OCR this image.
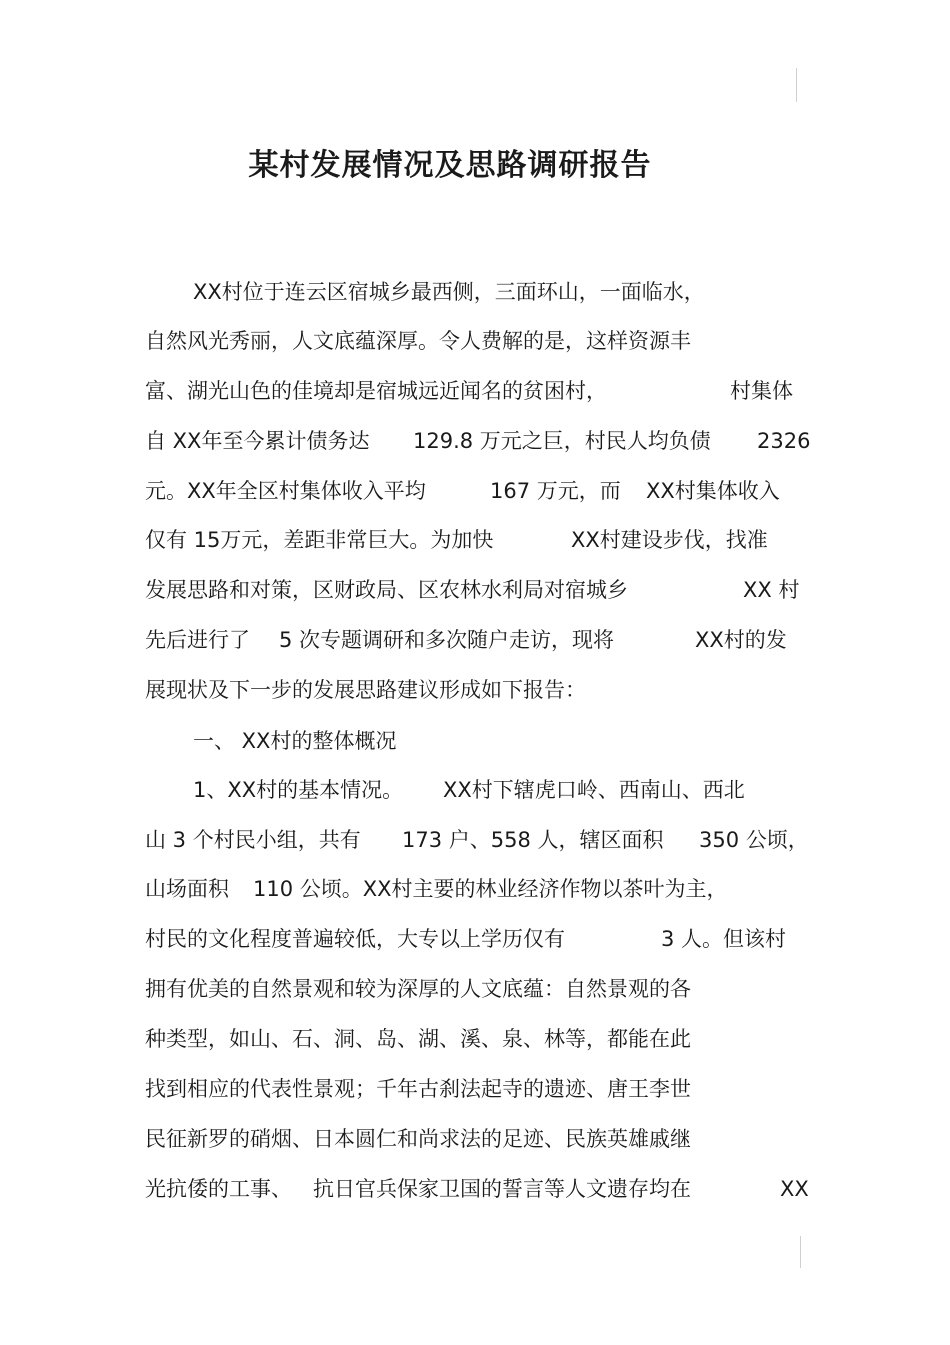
某村发展情况及思路调研报告

XX村位于连云区宿城乡最西侧，三面环山，一面临水，

自然风光秀丽，人文底蕴深厚。令人费解的是，这样资源丰

富、湖光山色的佳境却是宿城远近闻名的贫困村，

	村集体

自 XX年至今累计债务达

129.8 万元之巨，村民人均负债

2326

元。XX年全区村集体收入平均

	167 万元，而

XX村集体收入

仅有 15万元，差距非常巨大。为加快

	XX村建设步伐，找准

发展思路和对策，区财政局、区农林水利局对宿城乡

	XX 村

先后进行了

5 次专题调研和多次随户走访，现将

	XX村的发

展现状及下一步的发展思路建议形成如下报告：

一、 XX村的整体概况

1、XX村的基本情况。

XX村下辖虎口岭、西南山、西北

山 3 个村民小组，共有

173 户、558 人，辖区面积

350 公顷，

山场面积

110 公顷。XX村主要的林业经济作物以茶叶为主，

村民的文化程度普遍较低，大专以上学历仅有

	3 人。但该村

拥有优美的自然景观和较为深厚的人文底蕴：自然景观的各

种类型，如山、石、洞、岛、湖、溪、泉、林等，都能在此

找到相应的代表性景观；千年古刹法起寺的遗迹、唐王李世

民征新罗的硝烟、日本圆仁和尚求法的足迹、民族英雄戚继

光抗倭的工事、

抗日官兵保家卫国的誓言等人文遗存均在

	XX
